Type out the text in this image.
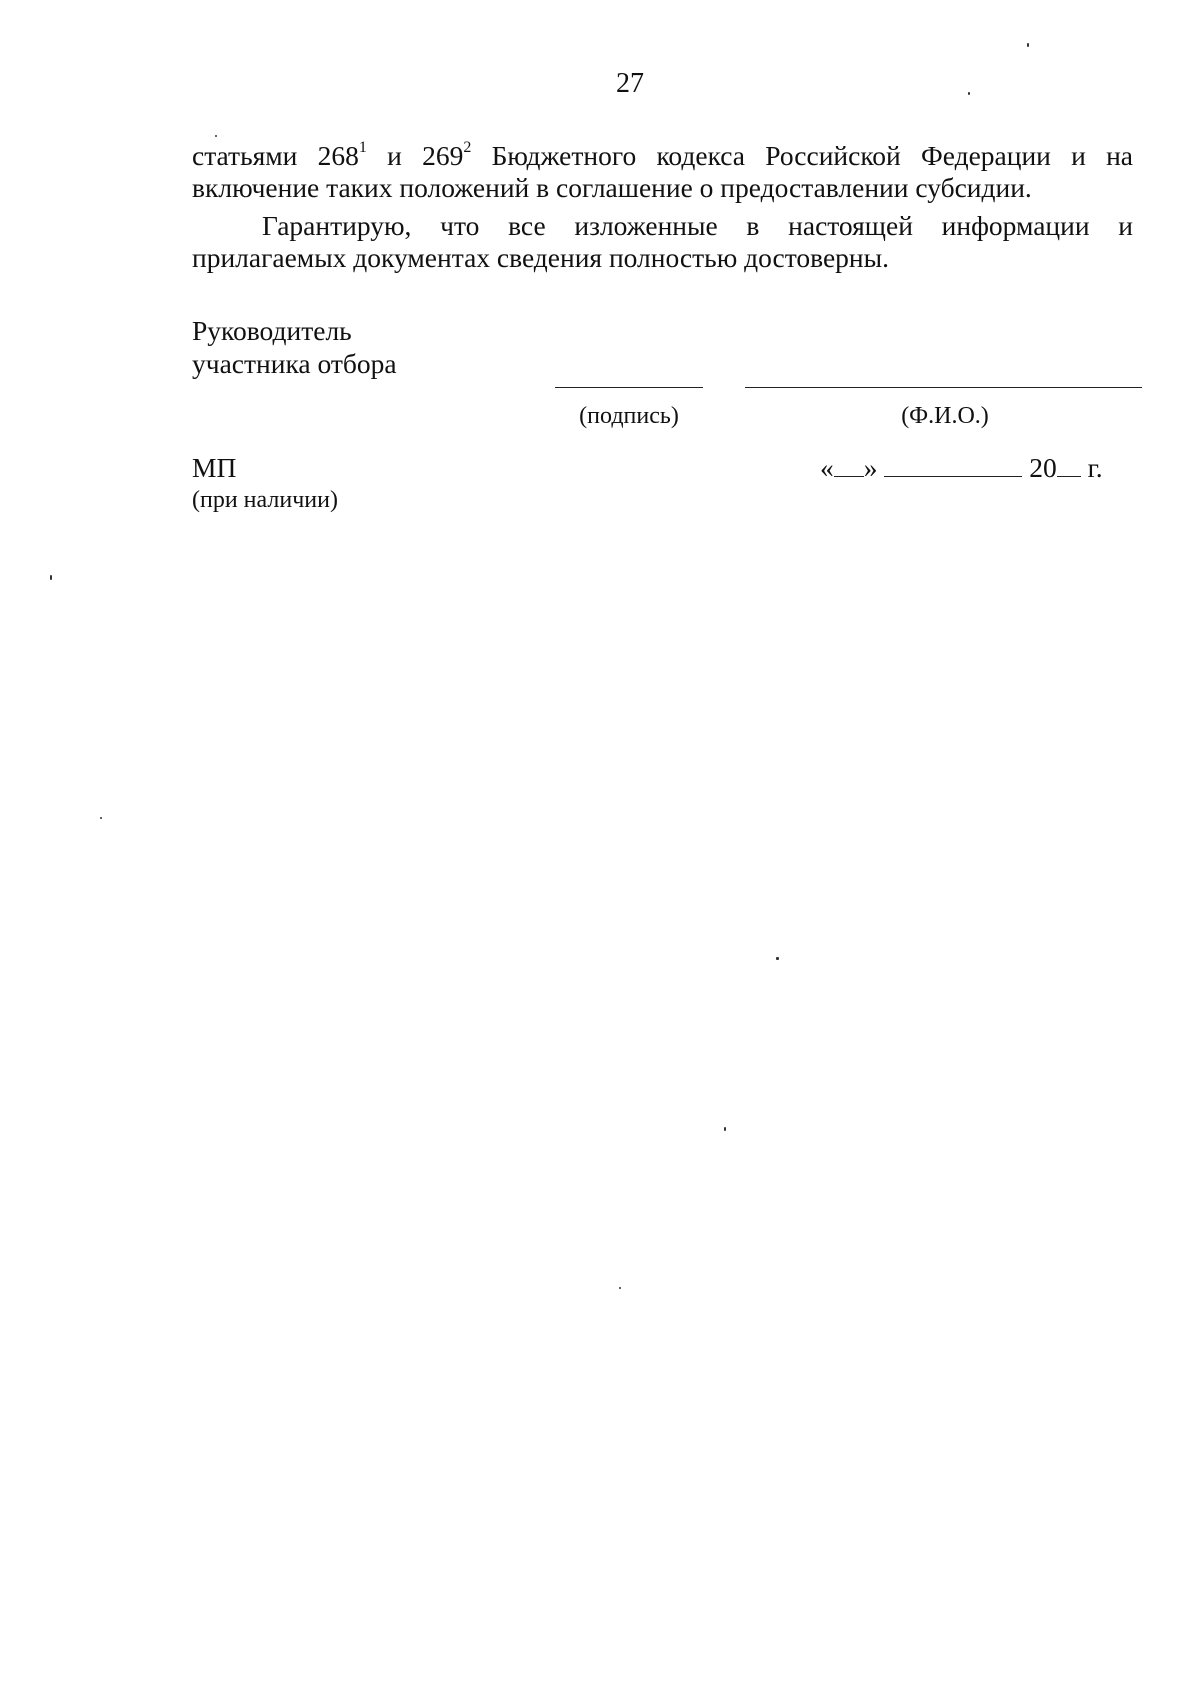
27

статьями $268^1$ и $269^2$ Бюджетного кодекса Российской Федерации и на
включение таких положений в соглашение о предоставлении субсидии.

Гарантирую, что все изложенные в настоящей информации и
прилагаемых документах сведения полностью достоверны.

Руководитель
участника отбора
(подпись)	(Ф.И.О.)
МП
(при наличии)
« »	20 г.
